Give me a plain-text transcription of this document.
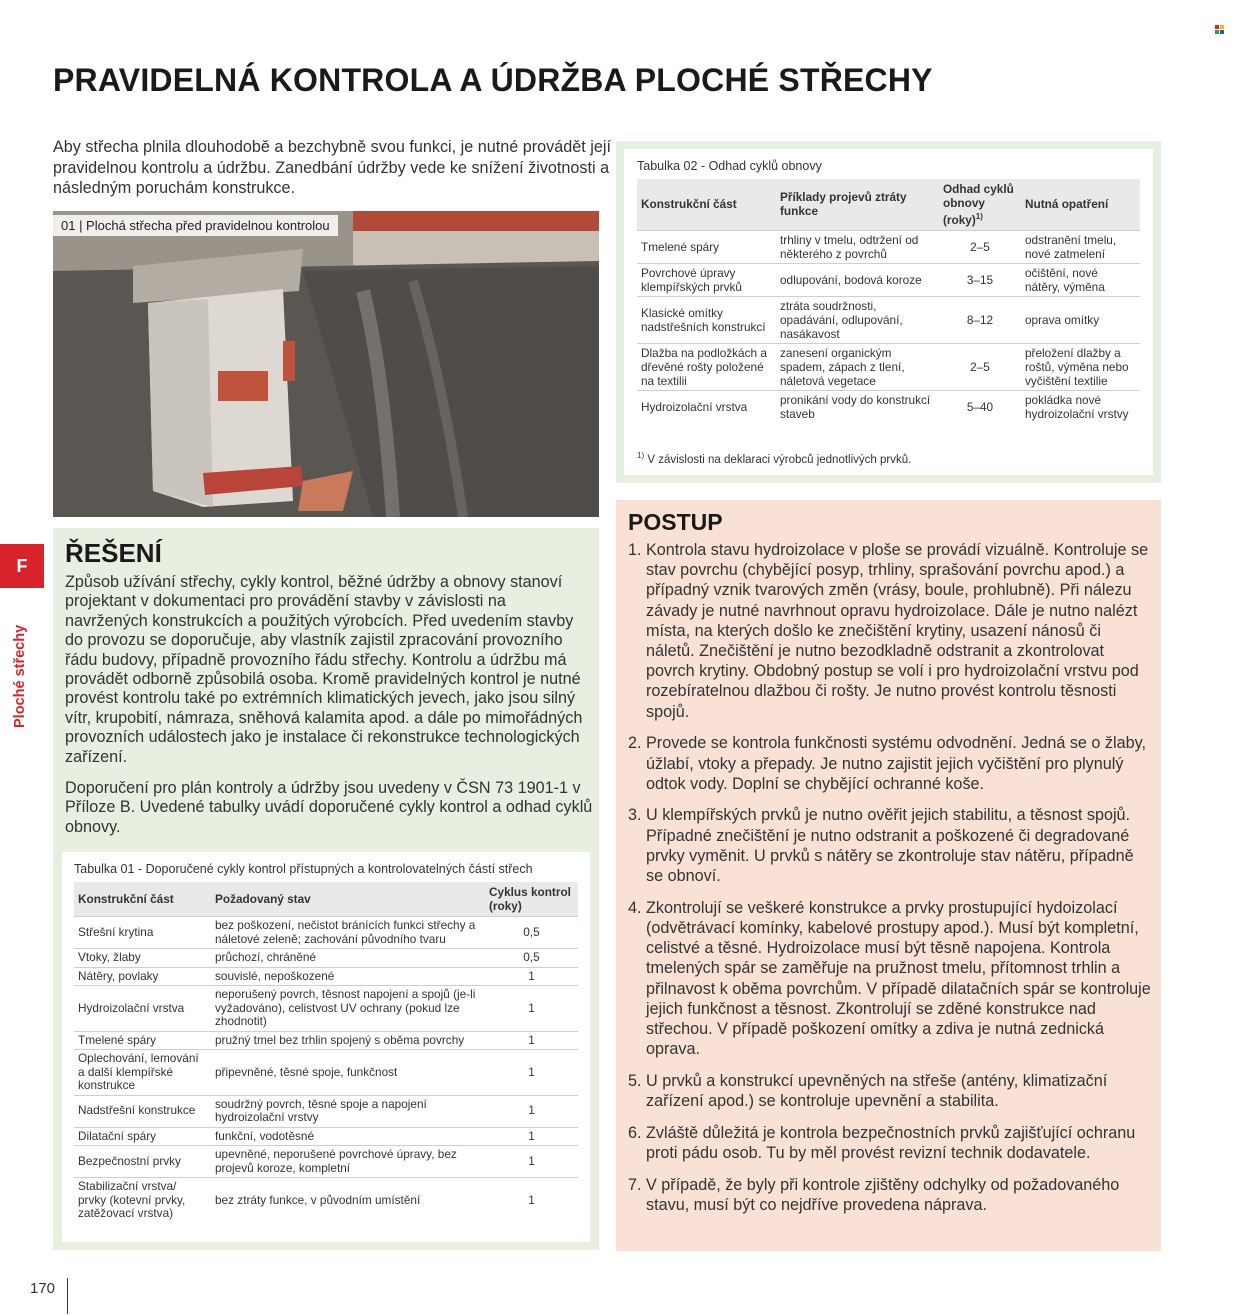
PRAVIDELNÁ KONTROLA A ÚDRŽBA PLOCHÉ STŘECHY

Aby střecha plnila dlouhodobě a bezchybně svou funkci, je nutné provádět její pravidelnou kontrolu a údržbu. Zanedbání údržby vede ke snížení životnosti a následným poruchám konstrukce.

01 | Plochá střecha před pravidelnou kontrolou
F
Ploché střechy
ŘEŠENÍ

Způsob užívání střechy, cykly kontrol, běžné údržby a obnovy stanoví projektant v dokumentaci pro provádění stavby v závislosti na navržených konstrukcích a použitých výrobcích. Před uvedením stavby do provozu se doporučuje, aby vlastník zajistil zpracování provozního řádu budovy, případně provozního řádu střechy. Kontrolu a údržbu má provádět odborně způsobilá osoba. Kromě pravidelných kontrol je nutné provést kontrolu také po extrémních klimatických jevech, jako jsou silný vítr, krupobití, námraza, sněhová kalamita apod. a dále po mimořádných provozních událostech jako je instalace či rekonstrukce technologických zařízení.

Doporučení pro plán kontroly a údržby jsou uvedeny v ČSN 73 1901-1 v Příloze B. Uvedené tabulky uvádí doporučené cykly kontrol a odhad cyklů obnovy.

Tabulka 01 - Doporučené cykly kontrol přístupných a kontrolovatelných částí střech
Konstrukční část	Požadovaný stav	Cyklus kontrol (roky)
Střešní krytina	bez poškození, nečistot bránících funkci střechy a náletové zeleně; zachování původního tvaru	0,5
Vtoky, žlaby	průchozí, chráněné	0,5
Nátěry, povlaky	souvislé, nepoškozené	1
Hydroizolační vrstva	neporušený povrch, těsnost napojení a spojů (je-li vyžadováno), celistvost UV ochrany (pokud lze zhodnotit)	1
Tmelené spáry	pružný tmel bez trhlin spojený s oběma povrchy	1
Oplechování, lemování a další klempířské konstrukce	připevněné, těsné spoje, funkčnost	1
Nadstřešní konstrukce	soudržný povrch, těsné spoje a napojení hydroizolační vrstvy	1
Dilatační spáry	funkční, vodotěsné	1
Bezpečnostní prvky	upevněné, neporušené povrchové úpravy, bez projevů koroze, kompletní	1
Stabilizační vrstva/ prvky (kotevní prvky, zatěžovací vrstva)	bez ztráty funkce, v původním umístění	1
Tabulka 02 - Odhad cyklů obnovy
Konstrukční část	Příklady projevů ztráty funkce	Odhad cyklů obnovy (roky)$^{1)}$	Nutná opatření
Tmelené spáry	trhliny v tmelu, odtržení od některého z povrchů	2–5	odstranění tmelu, nové zatmelení
Povrchové úpravy klempířských prvků	odlupování, bodová koroze	3–15	očištění, nové nátěry, výměna
Klasické omítky nadstřešních konstrukcí	ztráta soudržnosti, opadávání, odlupování, nasákavost	8–12	oprava omítky
Dlažba na podložkách a dřevěné rošty položené na textilii	zanesení organickým spadem, zápach z tlení, náletová vegetace	2–5	přeložení dlažby a roštů, výměna nebo vyčištění textilie
Hydroizolační vrstva	pronikání vody do konstrukcí staveb	5–40	pokládka nové hydroizolační vrstvy
$^{1)}$ V závislosti na deklaraci výrobců jednotlivých prvků.
POSTUP
1. Kontrola stavu hydroizolace v ploše se provádí vizuálně. Kontroluje se stav povrchu (chybějící posyp, trhliny, sprašování povrchu apod.) a případný vznik tvarových změn (vrásy, boule, prohlubně). Při nálezu závady je nutné navrhnout opravu hydroizolace. Dále je nutno nalézt místa, na kterých došlo ke znečištění krytiny, usazení nánosů či náletů. Znečištění je nutno bezodkladně odstranit a zkontrolovat povrch krytiny. Obdobný postup se volí i pro hydroizolační vrstvu pod rozebíratelnou dlažbou či rošty. Je nutno provést kontrolu těsnosti spojů.
2. Provede se kontrola funkčnosti systému odvodnění. Jedná se o žlaby, úžlabí, vtoky a přepady. Je nutno zajistit jejich vyčištění pro plynulý odtok vody. Doplní se chybějící ochranné koše.
3. U klempířských prvků je nutno ověřit jejich stabilitu, a těsnost spojů. Případné znečištění je nutno odstranit a poškozené či degradované prvky vyměnit. U prvků s nátěry se zkontroluje stav nátěru, případně se obnoví.
4. Zkontrolují se veškeré konstrukce a prvky prostupující hydoizolací (odvětrávací komínky, kabelové prostupy apod.). Musí být kompletní, celistvé a těsné. Hydroizolace musí být těsně napojena. Kontrola tmelených spár se zaměřuje na pružnost tmelu, přítomnost trhlin a přilnavost k oběma povrchům. V případě dilatačních spár se kontroluje jejich funkčnost a těsnost. Zkontrolují se zděné konstrukce nad střechou. V případě poškození omítky a zdiva je nutná zednická oprava.
5. U prvků a konstrukcí upevněných na střeše (antény, klimatizační zařízení apod.) se kontroluje upevnění a stabilita.
6. Zvláště důležitá je kontrola bezpečnostních prvků zajišťující ochranu proti pádu osob. Tu by měl provést revizní technik dodavatele.
7. V případě, že byly při kontrole zjištěny odchylky od požadovaného stavu, musí být co nejdříve provedena náprava.
170
